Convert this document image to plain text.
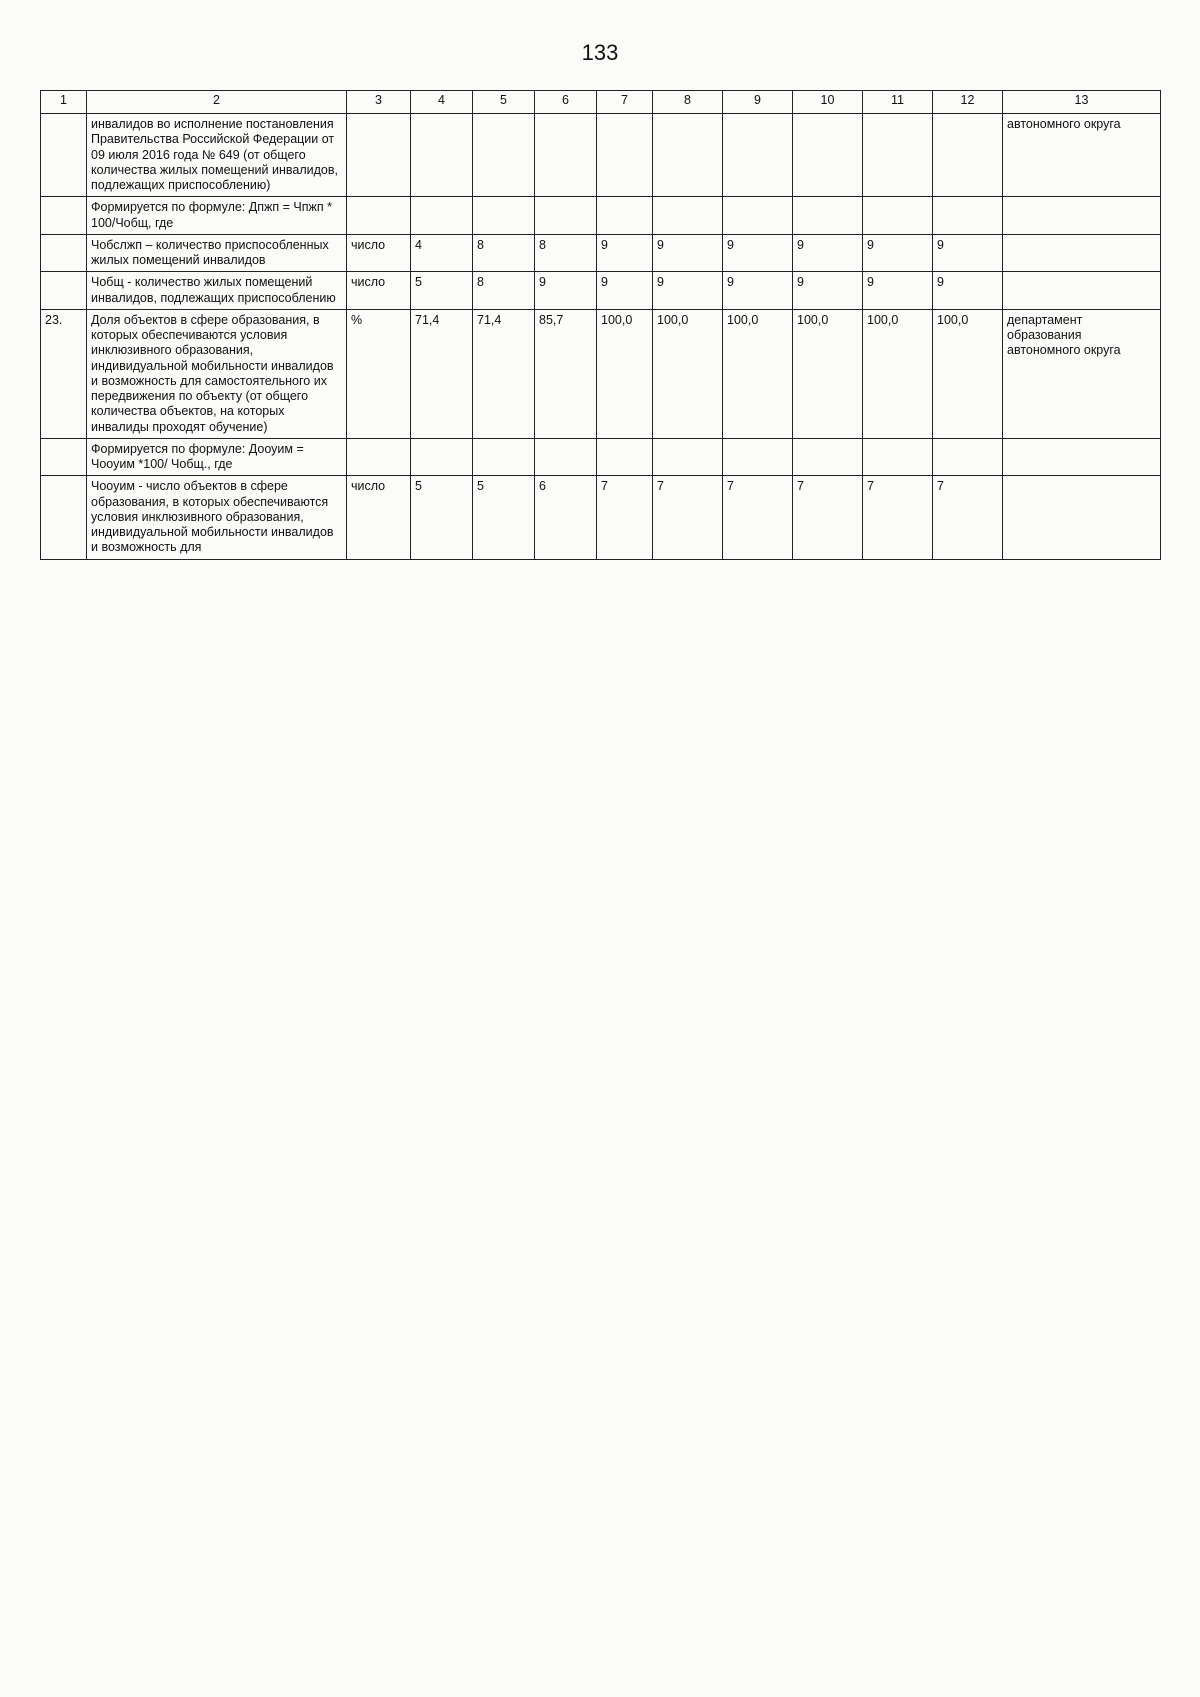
133
1	2	3	4	5	6	7	8	9	10	11	12	13
	инвалидов во исполнение постановления Правительства Российской Федерации от 09 июля 2016 года № 649 (от общего количества жилых помещений инвалидов, подлежащих приспособлению)											автономного округа
	Формируется по формуле: Дпжп = Чпжп * 100/Чобщ, где											
	Чобслжп – количество приспособленных жилых помещений инвалидов	число	4	8	8	9	9	9	9	9	9	
	Чобщ - количество жилых помещений инвалидов, подлежащих приспособлению	число	5	8	9	9	9	9	9	9	9	
23.	Доля объектов в сфере образования, в которых обеспечиваются условия инклюзивного образования, индивидуальной мобильности инвалидов и возможность для самостоятельного их передвижения по объекту (от общего количества объектов, на которых инвалиды проходят обучение)	%	71,4	71,4	85,7	100,0	100,0	100,0	100,0	100,0	100,0	департамент образования автономного округа
	Формируется по формуле: Дооуим = Чооуим *100/ Чобщ., где											
	Чооуим - число объектов в сфере образования, в которых обеспечиваются условия инклюзивного образования, индивидуальной мобильности инвалидов и возможность для	число	5	5	6	7	7	7	7	7	7	
